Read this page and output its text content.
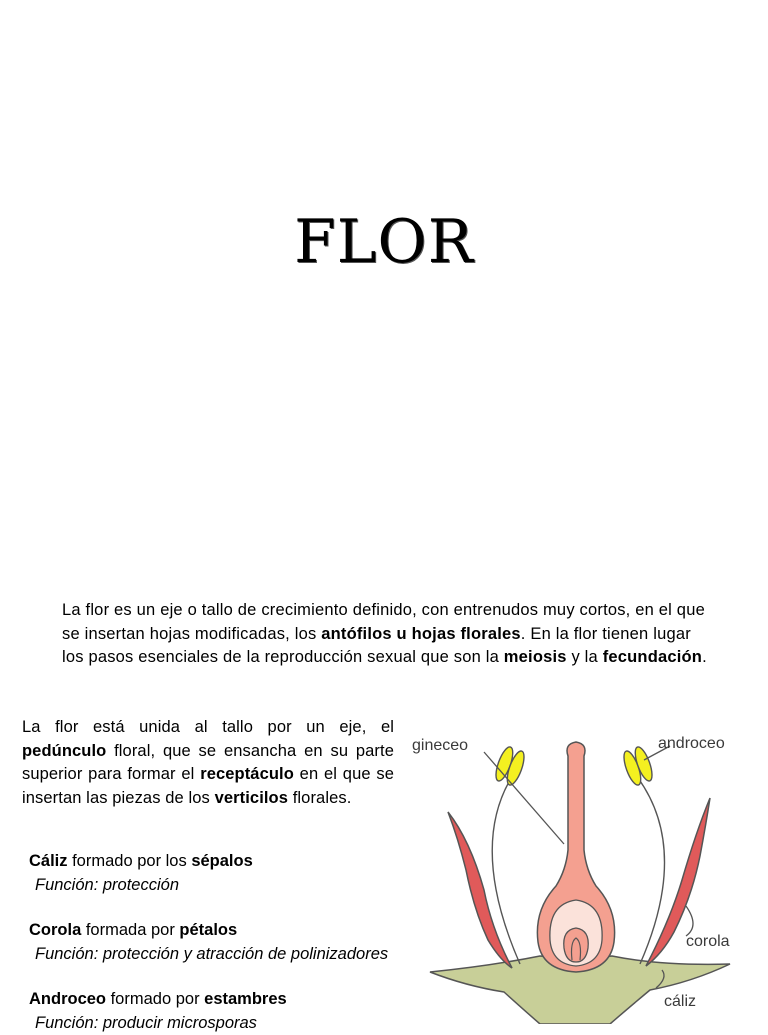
FLOR

La flor es un eje o tallo de crecimiento definido, con entrenudos muy cortos, en el que se insertan hojas modificadas, los antófilos u hojas florales. En la flor tienen lugar los pasos esenciales de la reproducción sexual que son la meiosis y la fecundación.

La flor está unida al tallo por un eje, el pedúnculo floral, que se ensancha en su parte superior para formar el receptáculo en el que se insertan las piezas de los verticilos florales.

Cáliz formado por los sépalos
Función: protección
Corola formada por pétalos
Función: protección y atracción de polinizadores
Androceo formado por estambres
Función: producir microsporas
gineceo	androceo
corola
cáliz
